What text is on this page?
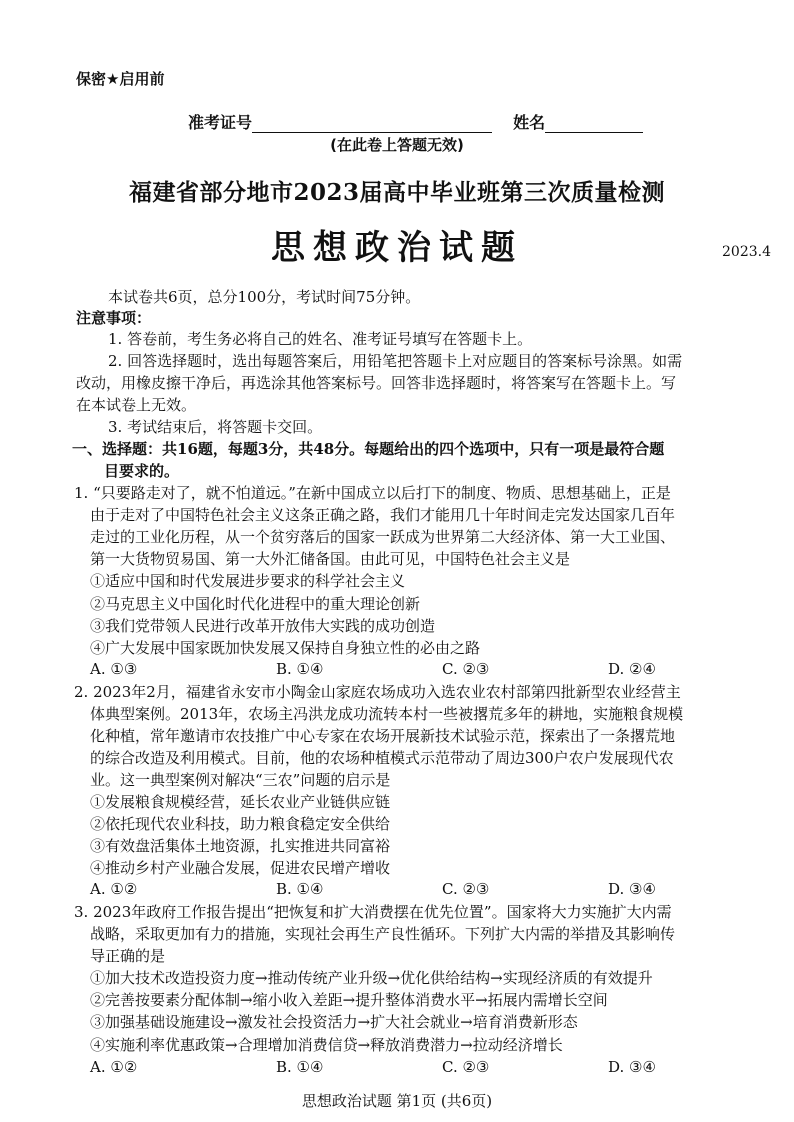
保密★启用前
准考证号	姓名
(在此卷上答题无效)
福建省部分地市2023届高中毕业班第三次质量检测
思想政治试题	2023.4
本试卷共6页，总分100分，考试时间75分钟。
注意事项：
1. 答卷前，考生务必将自己的姓名、准考证号填写在答题卡上。
2. 回答选择题时，选出每题答案后，用铅笔把答题卡上对应题目的答案标号涂黑。如需
改动，用橡皮擦干净后，再选涂其他答案标号。回答非选择题时，将答案写在答题卡上。写
在本试卷上无效。
3. 考试结束后，将答题卡交回。
一、选择题：共16题，每题3分，共48分。每题给出的四个选项中，只有一项是最符合题
目要求的。
1. “只要路走对了，就不怕道远。”在新中国成立以后打下的制度、物质、思想基础上，正是
由于走对了中国特色社会主义这条正确之路，我们才能用几十年时间走完发达国家几百年
走过的工业化历程，从一个贫穷落后的国家一跃成为世界第二大经济体、第一大工业国、
第一大货物贸易国、第一大外汇储备国。由此可见，中国特色社会主义是
①适应中国和时代发展进步要求的科学社会主义
②马克思主义中国化时代化进程中的重大理论创新
③我们党带领人民进行改革开放伟大实践的成功创造
④广大发展中国家既加快发展又保持自身独立性的必由之路
A. ①③	B. ①④	C. ②③	D. ②④
2. 2023年2月，福建省永安市小陶金山家庭农场成功入选农业农村部第四批新型农业经营主
体典型案例。2013年，农场主冯洪龙成功流转本村一些被撂荒多年的耕地，实施粮食规模
化种植，常年邀请市农技推广中心专家在农场开展新技术试验示范，探索出了一条撂荒地
的综合改造及利用模式。目前，他的农场种植模式示范带动了周边300户农户发展现代农
业。这一典型案例对解决“三农”问题的启示是
①发展粮食规模经营，延长农业产业链供应链
②依托现代农业科技，助力粮食稳定安全供给
③有效盘活集体土地资源，扎实推进共同富裕
④推动乡村产业融合发展，促进农民增产增收
A. ①②	B. ①④	C. ②③	D. ③④
3. 2023年政府工作报告提出“把恢复和扩大消费摆在优先位置”。国家将大力实施扩大内需
战略，采取更加有力的措施，实现社会再生产良性循环。下列扩大内需的举措及其影响传
导正确的是
①加大技术改造投资力度→推动传统产业升级→优化供给结构→实现经济质的有效提升
②完善按要素分配体制→缩小收入差距→提升整体消费水平→拓展内需增长空间
③加强基础设施建设→激发社会投资活力→扩大社会就业→培育消费新形态
思想政治试题 第1页 (共6页)
④实施利率优惠政策→合理增加消费信贷→释放消费潜力→拉动经济增长
A. ①②	B. ①④	C. ②③	D. ③④
